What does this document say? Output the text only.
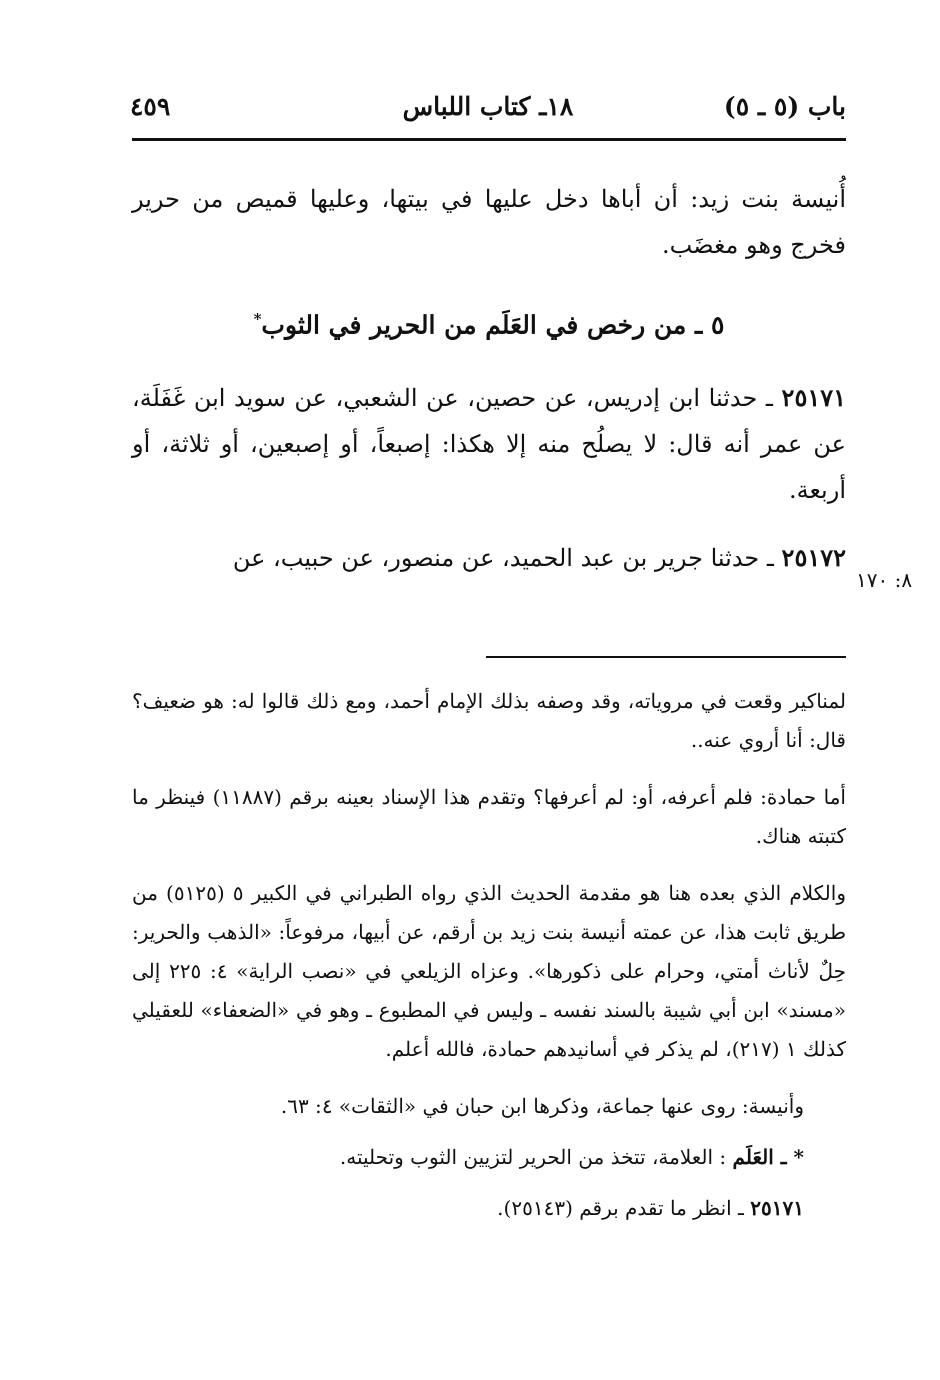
باب (٥ ـ ٥)
١٨ـ كتاب اللباس
٤٥٩

أُنيسة بنت زيد: أن أباها دخل عليها في بيتها، وعليها قميص من حرير فخرج وهو مغضَب.

٥ ـ من رخص في العَلَم من الحرير في الثوب*

٢٥١٧١ ـ حدثنا ابن إدريس، عن حصين، عن الشعبي، عن سويد ابن غَفَلَة، عن عمر أنه قال: لا يصلُح منه إلا هكذا: إصبعاً، أو إصبعين، أو ثلاثة، أو أربعة.

٢٥١٧٢ ـ حدثنا جرير بن عبد الحميد، عن منصور، عن حبيب، عن

٨: ١٧٠

لمناكير وقعت في مروياته، وقد وصفه بذلك الإمام أحمد، ومع ذلك قالوا له: هو ضعيف؟ قال: أنا أروي عنه..

أما حمادة: فلم أعرفه، أو: لم أعرفها؟ وتقدم هذا الإسناد بعينه برقم (١١٨٨٧) فينظر ما كتبته هناك.

والكلام الذي بعده هنا هو مقدمة الحديث الذي رواه الطبراني في الكبير ٥ (٥١٢٥) من طريق ثابت هذا، عن عمته أنيسة بنت زيد بن أرقم، عن أبيها، مرفوعاً: «الذهب والحرير: حِلٌ لأناث أمتي، وحرام على ذكورها». وعزاه الزيلعي في «نصب الراية» ٤: ٢٢٥ إلى «مسند» ابن أبي شيبة بالسند نفسه ـ وليس في المطبوع ـ وهو في «الضعفاء» للعقيلي كذلك ١ (٢١٧)، لم يذكر في أسانيدهم حمادة، فالله أعلم.

وأنيسة: روى عنها جماعة، وذكرها ابن حبان في «الثقات» ٤: ٦٣.

* ـ العَلَم : العلامة، تتخذ من الحرير لتزيين الثوب وتحليته.

٢٥١٧١ ـ انظر ما تقدم برقم (٢٥١٤٣).
